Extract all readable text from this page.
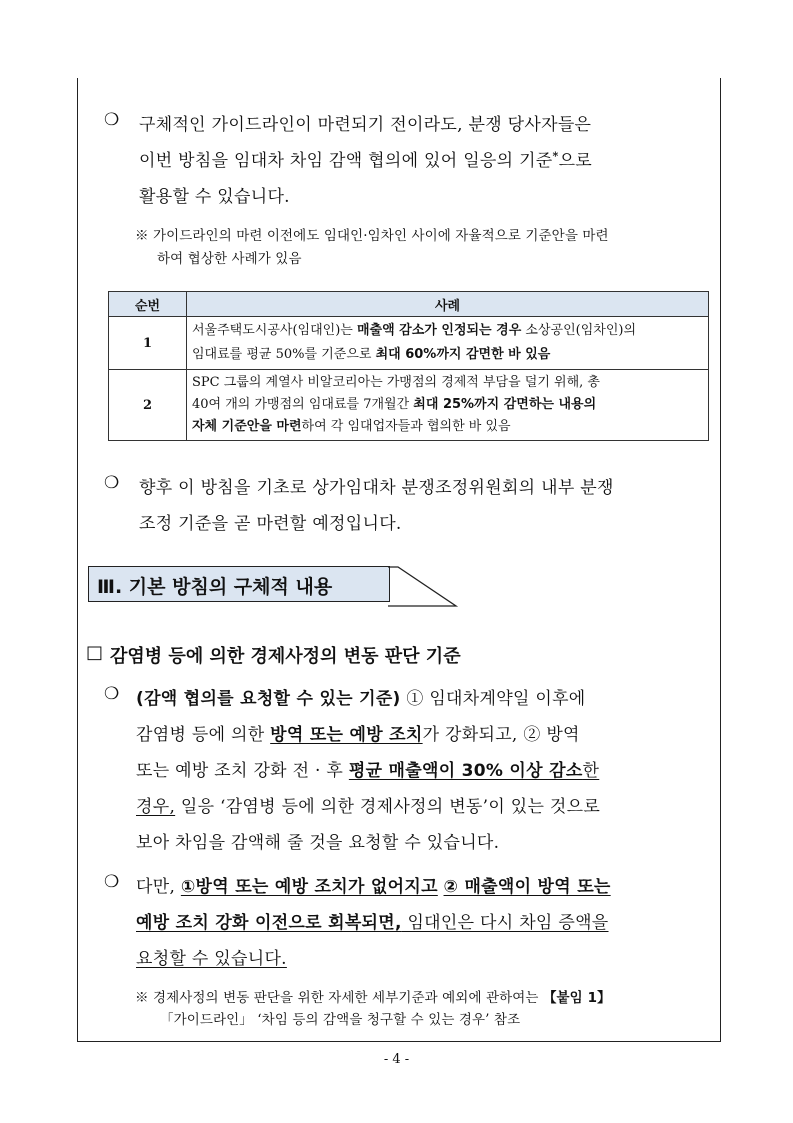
❍ 구체적인 가이드라인이 마련되기 전이라도, 분쟁 당사자들은
이번 방침을 임대차 차임 감액 협의에 있어 일응의 기준*으로
활용할 수 있습니다.
※ 가이드라인의 마련 이전에도 임대인·임차인 사이에 자율적으로 기준안을 마련
하여 협상한 사례가 있음
순번	사례
1	서울주택도시공사(임대인)는 매출액 감소가 인정되는 경우 소상공인(임차인)의
임대료를 평균 50%를 기준으로 최대 60%까지 감면한 바 있음
2	SPC 그룹의 계열사 비알코리아는 가맹점의 경제적 부담을 덜기 위해, 총
40여 개의 가맹점의 임대료를 7개월간 최대 25%까지 감면하는 내용의
자체 기준안을 마련하여 각 임대업자들과 협의한 바 있음
❍ 향후 이 방침을 기초로 상가임대차 분쟁조정위원회의 내부 분쟁
조정 기준을 곧 마련할 예정입니다.
Ⅲ. 기본 방침의 구체적 내용
□ 감염병 등에 의한 경제사정의 변동 판단 기준
❍ (감액 협의를 요청할 수 있는 기준) ① 임대차계약일 이후에
감염병 등에 의한 방역 또는 예방 조치가 강화되고, ② 방역
또는 예방 조치 강화 전 · 후 평균 매출액이 30% 이상 감소한
경우, 일응 ‘감염병 등에 의한 경제사정의 변동’이 있는 것으로
보아 차임을 감액해 줄 것을 요청할 수 있습니다.
❍ 다만, ①방역 또는 예방 조치가 없어지고 ② 매출액이 방역 또는
예방 조치 강화 이전으로 회복되면, 임대인은 다시 차임 증액을
요청할 수 있습니다.
※ 경제사정의 변동 판단을 위한 자세한 세부기준과 예외에 관하여는 【붙임 1】
「가이드라인」 ‘차임 등의 감액을 청구할 수 있는 경우’ 참조
- 4 -
